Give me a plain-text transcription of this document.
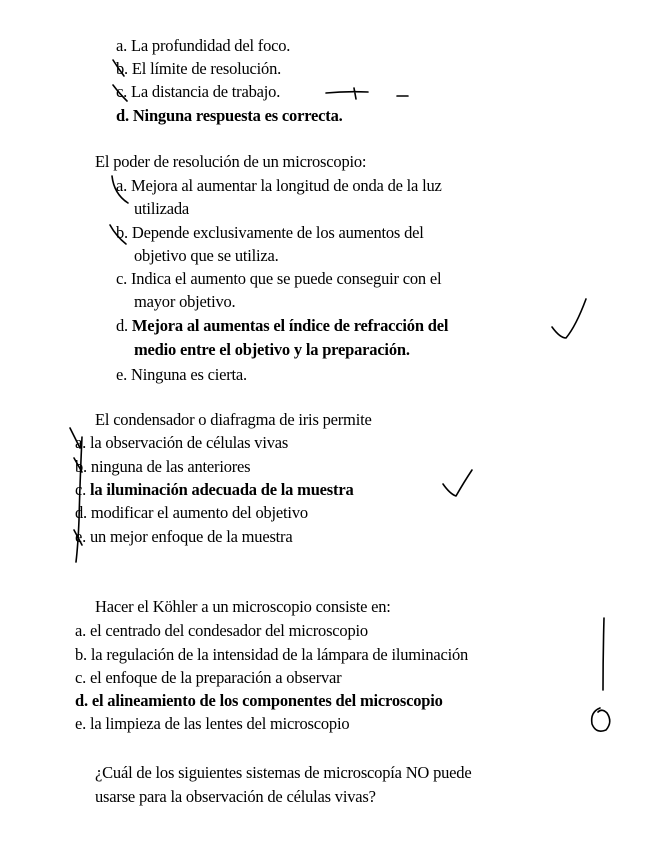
a. La profundidad del foco.
b. El límite de resolución.
c. La distancia de trabajo.
d. Ninguna respuesta es correcta.
El poder de resolución de un microscopio:
a. Mejora al aumentar la longitud de onda de la luz
utilizada
b. Depende exclusivamente de los aumentos del
objetivo que se utiliza.
c. Indica el aumento que se puede conseguir con el
mayor objetivo.
d. Mejora al aumentas el índice de refracción del
medio entre el objetivo y la preparación.
e. Ninguna es cierta.
El condensador o diafragma de iris permite
a. la observación de células vivas
b. ninguna de las anteriores
c. la iluminación adecuada de la muestra
d. modificar el aumento del objetivo
e. un mejor enfoque de la muestra
Hacer el Köhler a un microscopio consiste en:
a. el centrado del condesador del microscopio
b. la regulación de la intensidad de la lámpara de iluminación
c. el enfoque de la preparación a observar
d. el alineamiento de los componentes del microscopio
e. la limpieza de las lentes del microscopio
¿Cuál de los siguientes sistemas de microscopía NO puede
usarse para la observación de células vivas?
